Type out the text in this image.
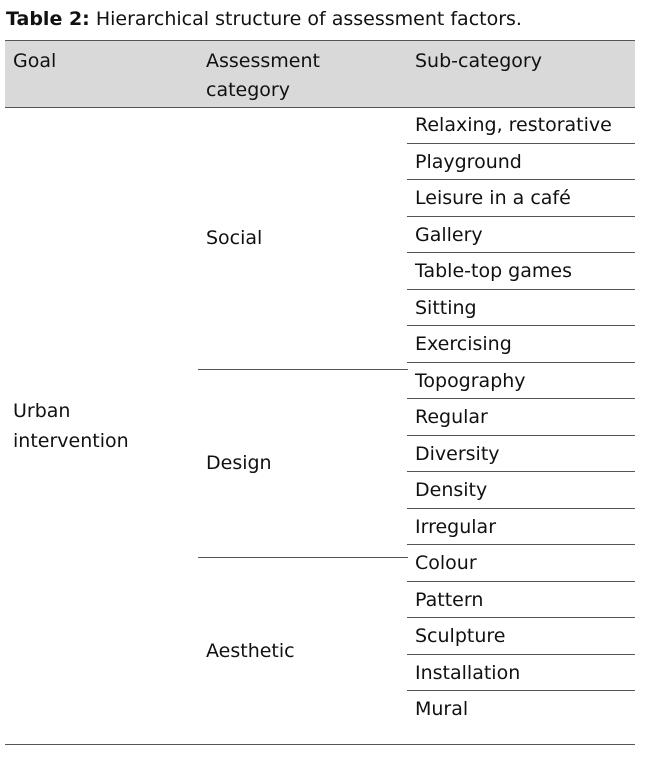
Table 2: Hierarchical structure of assessment factors.
Goal	Assessment
category
Sub-category
Urban
intervention
Social
Design
Aesthetic
Relaxing, restorative
Playground
Leisure in a café
Gallery
Table-top games
Sitting
Exercising
Topography
Regular
Diversity
Density
Irregular
Colour
Pattern
Sculpture
Installation
Mural
